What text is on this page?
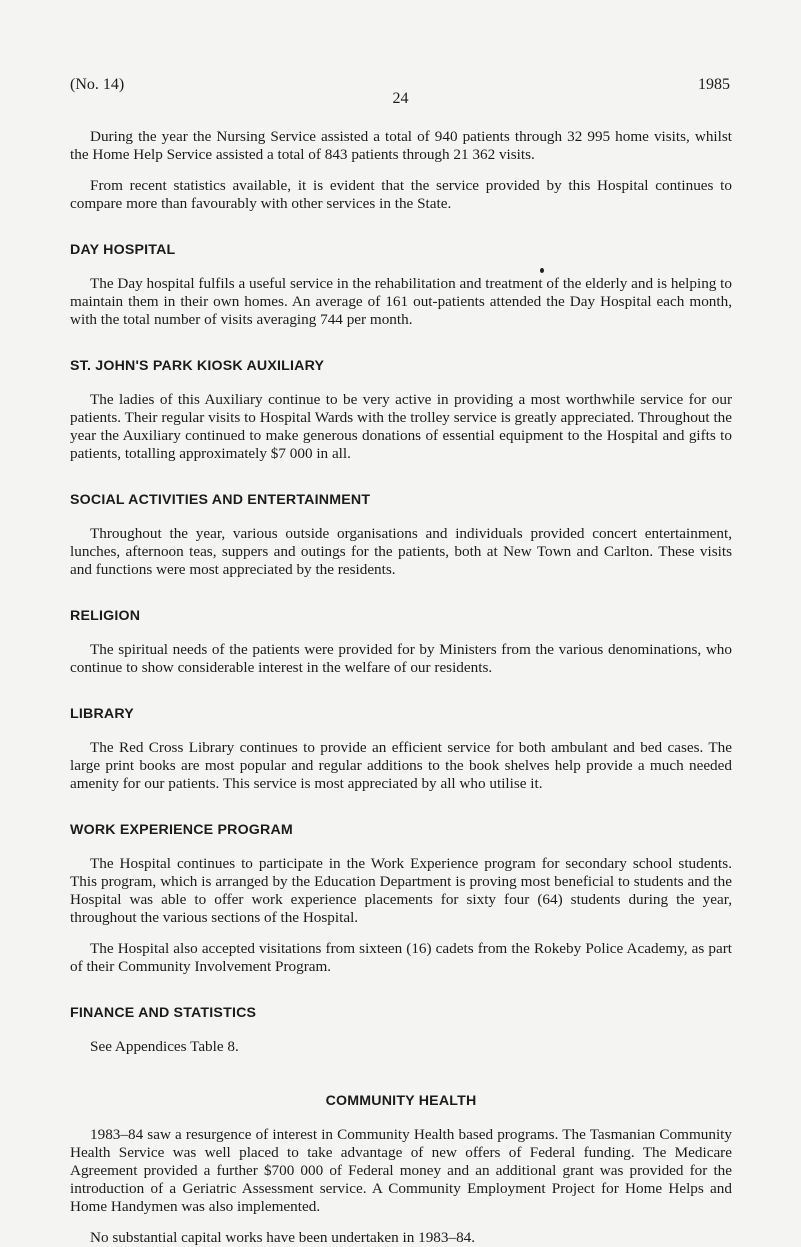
(No. 14)	1985
24

During the year the Nursing Service assisted a total of 940 patients through 32 995 home visits, whilst the Home Help Service assisted a total of 843 patients through 21 362 visits.

From recent statistics available, it is evident that the service provided by this Hospital continues to compare more than favourably with other services in the State.

DAY HOSPITAL

The Day hospital fulfils a useful service in the rehabilitation and treatment of the elderly and is helping to maintain them in their own homes. An average of 161 out-patients attended the Day Hospital each month, with the total number of visits averaging 744 per month.

ST. JOHN'S PARK KIOSK AUXILIARY

The ladies of this Auxiliary continue to be very active in providing a most worthwhile service for our patients. Their regular visits to Hospital Wards with the trolley service is greatly appreciated. Throughout the year the Auxiliary continued to make generous donations of essential equipment to the Hospital and gifts to patients, totalling approximately $7 000 in all.

SOCIAL ACTIVITIES AND ENTERTAINMENT

Throughout the year, various outside organisations and individuals provided concert entertainment, lunches, afternoon teas, suppers and outings for the patients, both at New Town and Carlton. These visits and functions were most appreciated by the residents.

RELIGION

The spiritual needs of the patients were provided for by Ministers from the various denominations, who continue to show considerable interest in the welfare of our residents.

LIBRARY

The Red Cross Library continues to provide an efficient service for both ambulant and bed cases. The large print books are most popular and regular additions to the book shelves help provide a much needed amenity for our patients. This service is most appreciated by all who utilise it.

WORK EXPERIENCE PROGRAM

The Hospital continues to participate in the Work Experience program for secondary school students. This program, which is arranged by the Education Department is proving most beneficial to students and the Hospital was able to offer work experience placements for sixty four (64) students during the year, throughout the various sections of the Hospital.

The Hospital also accepted visitations from sixteen (16) cadets from the Rokeby Police Academy, as part of their Community Involvement Program.

FINANCE AND STATISTICS

See Appendices Table 8.

COMMUNITY HEALTH

1983–84 saw a resurgence of interest in Community Health based programs. The Tasmanian Community Health Service was well placed to take advantage of new offers of Federal funding. The Medicare Agreement provided a further $700 000 of Federal money and an additional grant was provided for the introduction of a Geriatric Assessment service. A Community Employment Project for Home Helps and Home Handymen was also implemented.

No substantial capital works have been undertaken in 1983–84.
